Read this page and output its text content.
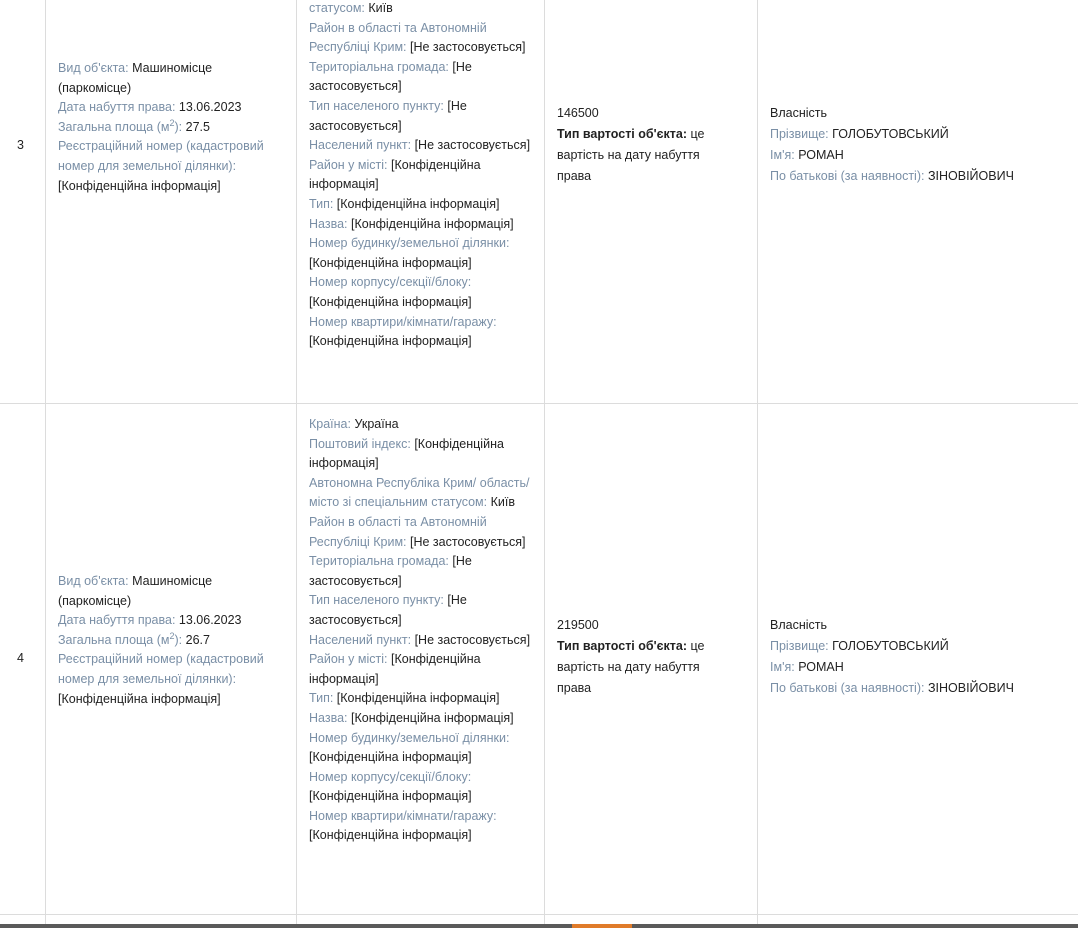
3
Вид об'єкта: Машиномісце (паркомісце)
Дата набуття права: 13.06.2023
Загальна площа $(м^2)$: 27.5
Реєстраційний номер (кадастровий номер для земельної ділянки):
[Конфіденційна інформація]
статусом: Київ
Район в області та Автономній Республіці Крим: [Не застосовується]
Територіальна громада: [Не застосовується]
Тип населеного пункту: [Не застосовується]
Населений пункт: [Не застосовується]
Район у місті: [Конфіденційна інформація]
Тип: [Конфіденційна інформація]
Назва: [Конфіденційна інформація]
Номер будинку/земельної ділянки:
[Конфіденційна інформація]
Номер корпусу/секції/блоку:
[Конфіденційна інформація]
Номер квартири/кімнати/гаражу:
[Конфіденційна інформація]
146500
Тип вартості об'єкта: це вартість на дату набуття права
Власність
Прізвище: ГОЛОБУТОВСЬКИЙ
Ім'я: РОМАН
По батькові (за наявності): ЗІНОВІЙОВИЧ
4
Вид об'єкта: Машиномісце (паркомісце)
Дата набуття права: 13.06.2023
Загальна площа $(м^2)$: 26.7
Реєстраційний номер (кадастровий номер для земельної ділянки):
[Конфіденційна інформація]
Країна: Україна
Поштовий індекс: [Конфіденційна інформація]
Автономна Республіка Крим/ область/місто зі спеціальним статусом: Київ
Район в області та Автономній Республіці Крим: [Не застосовується]
Територіальна громада: [Не застосовується]
Тип населеного пункту: [Не застосовується]
Населений пункт: [Не застосовується]
Район у місті: [Конфіденційна інформація]
Тип: [Конфіденційна інформація]
Назва: [Конфіденційна інформація]
Номер будинку/земельної ділянки:
[Конфіденційна інформація]
Номер корпусу/секції/блоку:
[Конфіденційна інформація]
Номер квартири/кімнати/гаражу:
[Конфіденційна інформація]
219500
Тип вартості об'єкта: це вартість на дату набуття права
Власність
Прізвище: ГОЛОБУТОВСЬКИЙ
Ім'я: РОМАН
По батькові (за наявності): ЗІНОВІЙОВИЧ
